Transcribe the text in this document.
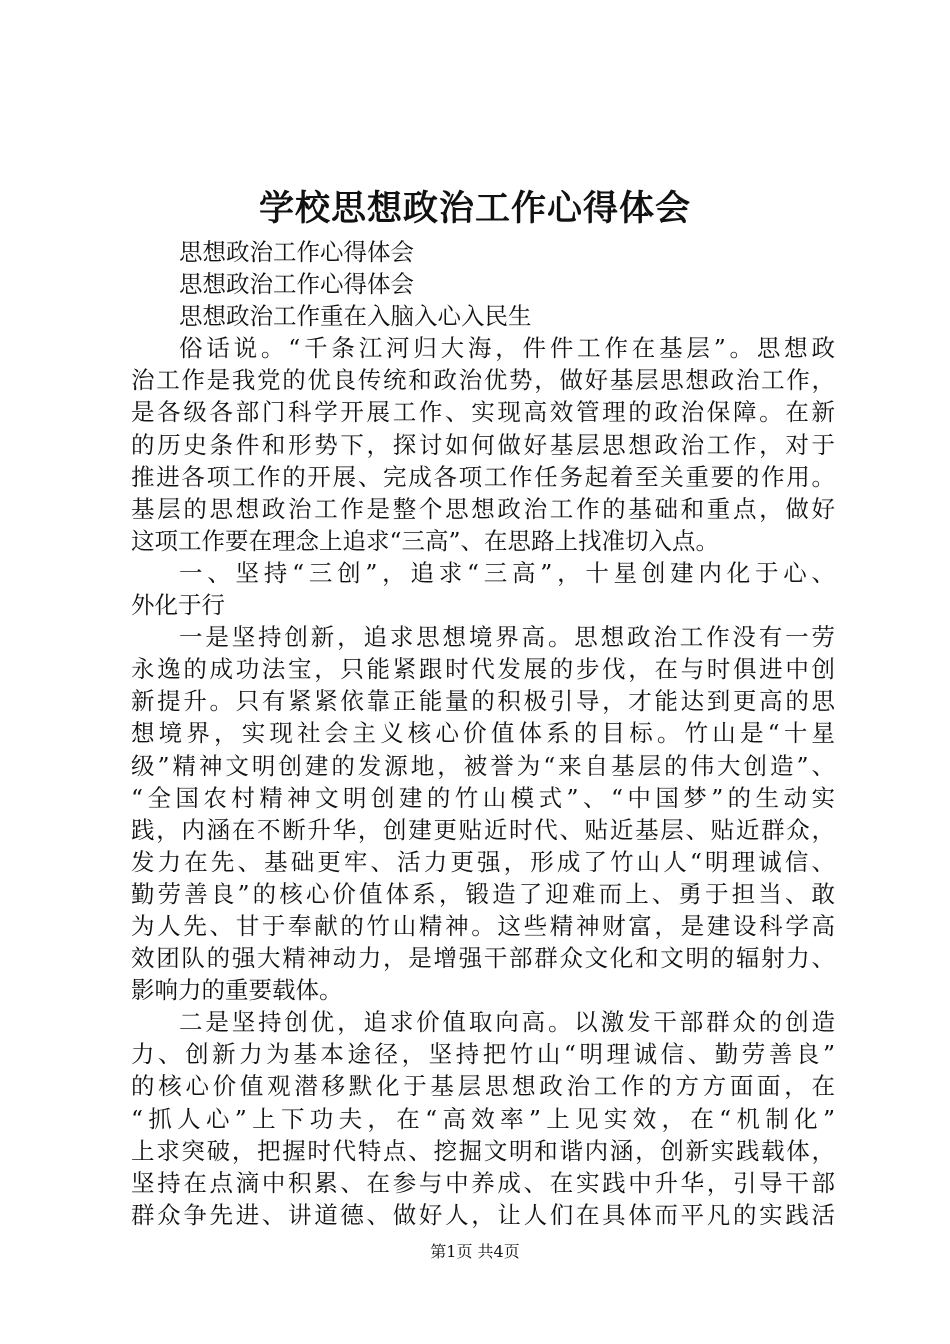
学校思想政治工作心得体会
思想政治工作心得体会
思想政治工作心得体会
思想政治工作重在入脑入心入民生
俗话说。“千条江河归大海，件件工作在基层”。思想政
治工作是我党的优良传统和政治优势，做好基层思想政治工作，
是各级各部门科学开展工作、实现高效管理的政治保障。在新
的历史条件和形势下，探讨如何做好基层思想政治工作，对于
推进各项工作的开展、完成各项工作任务起着至关重要的作用。
基层的思想政治工作是整个思想政治工作的基础和重点，做好
这项工作要在理念上追求“三高”、在思路上找准切入点。
一、坚持“三创”，追求“三高”，十星创建内化于心、
外化于行
一是坚持创新，追求思想境界高。思想政治工作没有一劳
永逸的成功法宝，只能紧跟时代发展的步伐，在与时俱进中创
新提升。只有紧紧依靠正能量的积极引导，才能达到更高的思
想境界，实现社会主义核心价值体系的目标。竹山是“十星
级”精神文明创建的发源地，被誉为“来自基层的伟大创造”、
“全国农村精神文明创建的竹山模式”、“中国梦”的生动实
践，内涵在不断升华，创建更贴近时代、贴近基层、贴近群众，
发力在先、基础更牢、活力更强，形成了竹山人“明理诚信、
勤劳善良”的核心价值体系，锻造了迎难而上、勇于担当、敢
为人先、甘于奉献的竹山精神。这些精神财富，是建设科学高
效团队的强大精神动力，是增强干部群众文化和文明的辐射力、
影响力的重要载体。
二是坚持创优，追求价值取向高。以激发干部群众的创造
力、创新力为基本途径，坚持把竹山“明理诚信、勤劳善良”
的核心价值观潜移默化于基层思想政治工作的方方面面，在
“抓人心”上下功夫，在“高效率”上见实效，在“机制化”
上求突破，把握时代特点、挖掘文明和谐内涵，创新实践载体，
坚持在点滴中积累、在参与中养成、在实践中升华，引导干部
群众争先进、讲道德、做好人，让人们在具体而平凡的实践活
第1页 共4页
